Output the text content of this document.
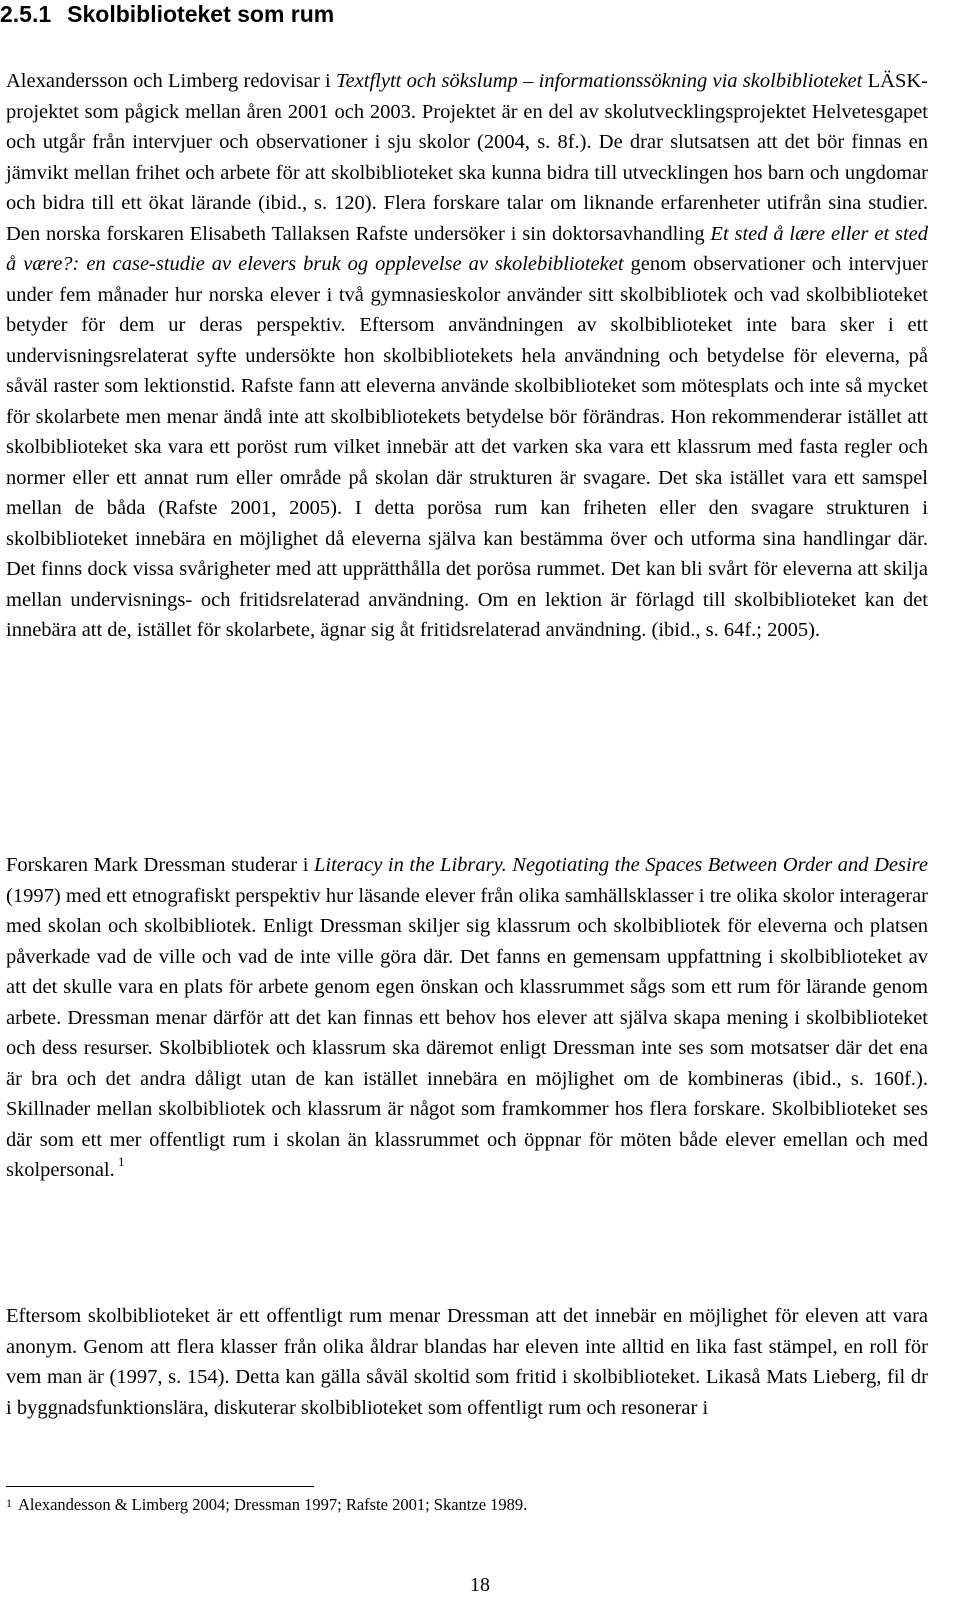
2.5.1 Skolbiblioteket som rum

Alexandersson och Limberg redovisar i Textflytt och sökslump – informationssökning via skolbiblioteket LÄSK- projektet som pågick mellan åren 2001 och 2003. Projektet är en del av skolutvecklingsprojektet Helvetesgapet och utgår från intervjuer och observationer i sju skolor (2004, s. 8f.). De drar slutsatsen att det bör finnas en jämvikt mellan frihet och arbete för att skolbiblioteket ska kunna bidra till utvecklingen hos barn och ungdomar och bidra till ett ökat lärande (ibid., s. 120). Flera forskare talar om liknande erfarenheter utifrån sina studier. Den norska forskaren Elisabeth Tallaksen Rafste undersöker i sin doktorsavhandling Et sted å lære eller et sted å være?: en case-studie av elevers bruk og opplevelse av skolebiblioteket genom observationer och intervjuer under fem månader hur norska elever i två gymnasieskolor använder sitt skolbibliotek och vad skolbiblioteket betyder för dem ur deras perspektiv. Eftersom användningen av skolbiblioteket inte bara sker i ett undervisningsrelaterat syfte undersökte hon skolbibliotekets hela användning och betydelse för eleverna, på såväl raster som lektionstid. Rafste fann att eleverna använde skolbiblioteket som mötesplats och inte så mycket för skolarbete men menar ändå inte att skolbibliotekets betydelse bör förändras. Hon rekommenderar istället att skolbiblioteket ska vara ett poröst rum vilket innebär att det varken ska vara ett klassrum med fasta regler och normer eller ett annat rum eller område på skolan där strukturen är svagare. Det ska istället vara ett samspel mellan de båda (Rafste 2001, 2005). I detta porösa rum kan friheten eller den svagare strukturen i skolbiblioteket innebära en möjlighet då eleverna själva kan bestämma över och utforma sina handlingar där. Det finns dock vissa svårigheter med att upprätthålla det porösa rummet. Det kan bli svårt för eleverna att skilja mellan undervisnings- och fritidsrelaterad användning. Om en lektion är förlagd till skolbiblioteket kan det innebära att de, istället för skolarbete, ägnar sig åt fritidsrelaterad användning. (ibid., s. 64f.; 2005).

Forskaren Mark Dressman studerar i Literacy in the Library. Negotiating the Spaces Between Order and Desire (1997) med ett etnografiskt perspektiv hur läsande elever från olika samhällsklasser i tre olika skolor interagerar med skolan och skolbibliotek. Enligt Dressman skiljer sig klassrum och skolbibliotek för eleverna och platsen påverkade vad de ville och vad de inte ville göra där. Det fanns en gemensam uppfattning i skolbiblioteket av att det skulle vara en plats för arbete genom egen önskan och klassrummet sågs som ett rum för lärande genom arbete. Dressman menar därför att det kan finnas ett behov hos elever att själva skapa mening i skolbiblioteket och dess resurser. Skolbibliotek och klassrum ska däremot enligt Dressman inte ses som motsatser där det ena är bra och det andra dåligt utan de kan istället innebära en möjlighet om de kombineras (ibid., s. 160f.). Skillnader mellan skolbibliotek och klassrum är något som framkommer hos flera forskare. Skolbiblioteket ses där som ett mer offentligt rum i skolan än klassrummet och öppnar för möten både elever emellan och med skolpersonal. $^1$

Eftersom skolbiblioteket är ett offentligt rum menar Dressman att det innebär en möjlighet för eleven att vara anonym. Genom att flera klasser från olika åldrar blandas har eleven inte alltid en lika fast stämpel, en roll för vem man är (1997, s. 154). Detta kan gälla såväl skoltid som fritid i skolbiblioteket. Likaså Mats Lieberg, fil dr i byggnadsfunktionslära, diskuterar skolbiblioteket som offentligt rum och resonerar i

$^1$ Alexandesson & Limberg 2004; Dressman 1997; Rafste 2001; Skantze 1989.

18
